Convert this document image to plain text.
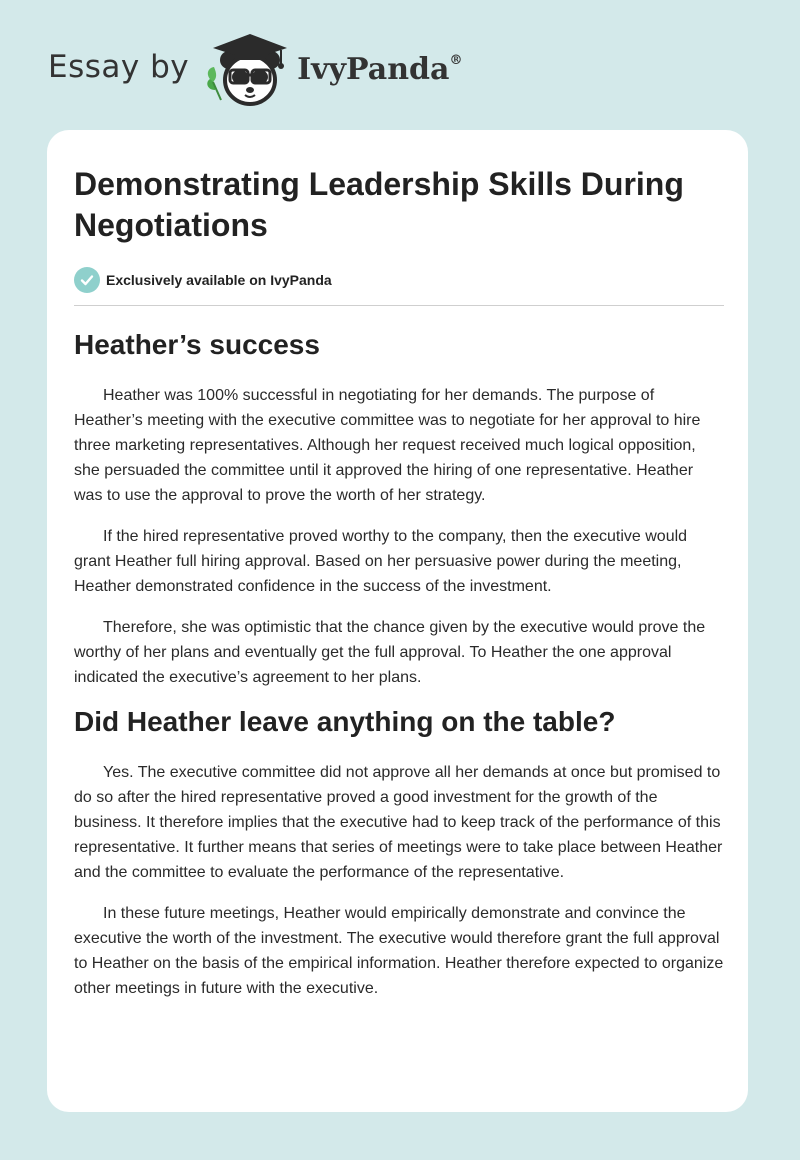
Essay by	IvyPanda®
Demonstrating Leadership Skills During Negotiations
Exclusively available on IvyPanda
Heather’s success

Heather was 100% successful in negotiating for her demands. The purpose of Heather’s meeting with the executive committee was to negotiate for her approval to hire three marketing representatives. Although her request received much logical opposition, she persuaded the committee until it approved the hiring of one representative. Heather was to use the approval to prove the worth of her strategy.

If the hired representative proved worthy to the company, then the executive would grant Heather full hiring approval. Based on her persuasive power during the meeting, Heather demonstrated confidence in the success of the investment.

Therefore, she was optimistic that the chance given by the executive would prove the worthy of her plans and eventually get the full approval. To Heather the one approval indicated the executive’s agreement to her plans.

Did Heather leave anything on the table?

Yes. The executive committee did not approve all her demands at once but promised to do so after the hired representative proved a good investment for the growth of the business. It therefore implies that the executive had to keep track of the performance of this representative. It further means that series of meetings were to take place between Heather and the committee to evaluate the performance of the representative.

In these future meetings, Heather would empirically demonstrate and convince the executive the worth of the investment. The executive would therefore grant the full approval to Heather on the basis of the empirical information. Heather therefore expected to organize other meetings in future with the executive.
